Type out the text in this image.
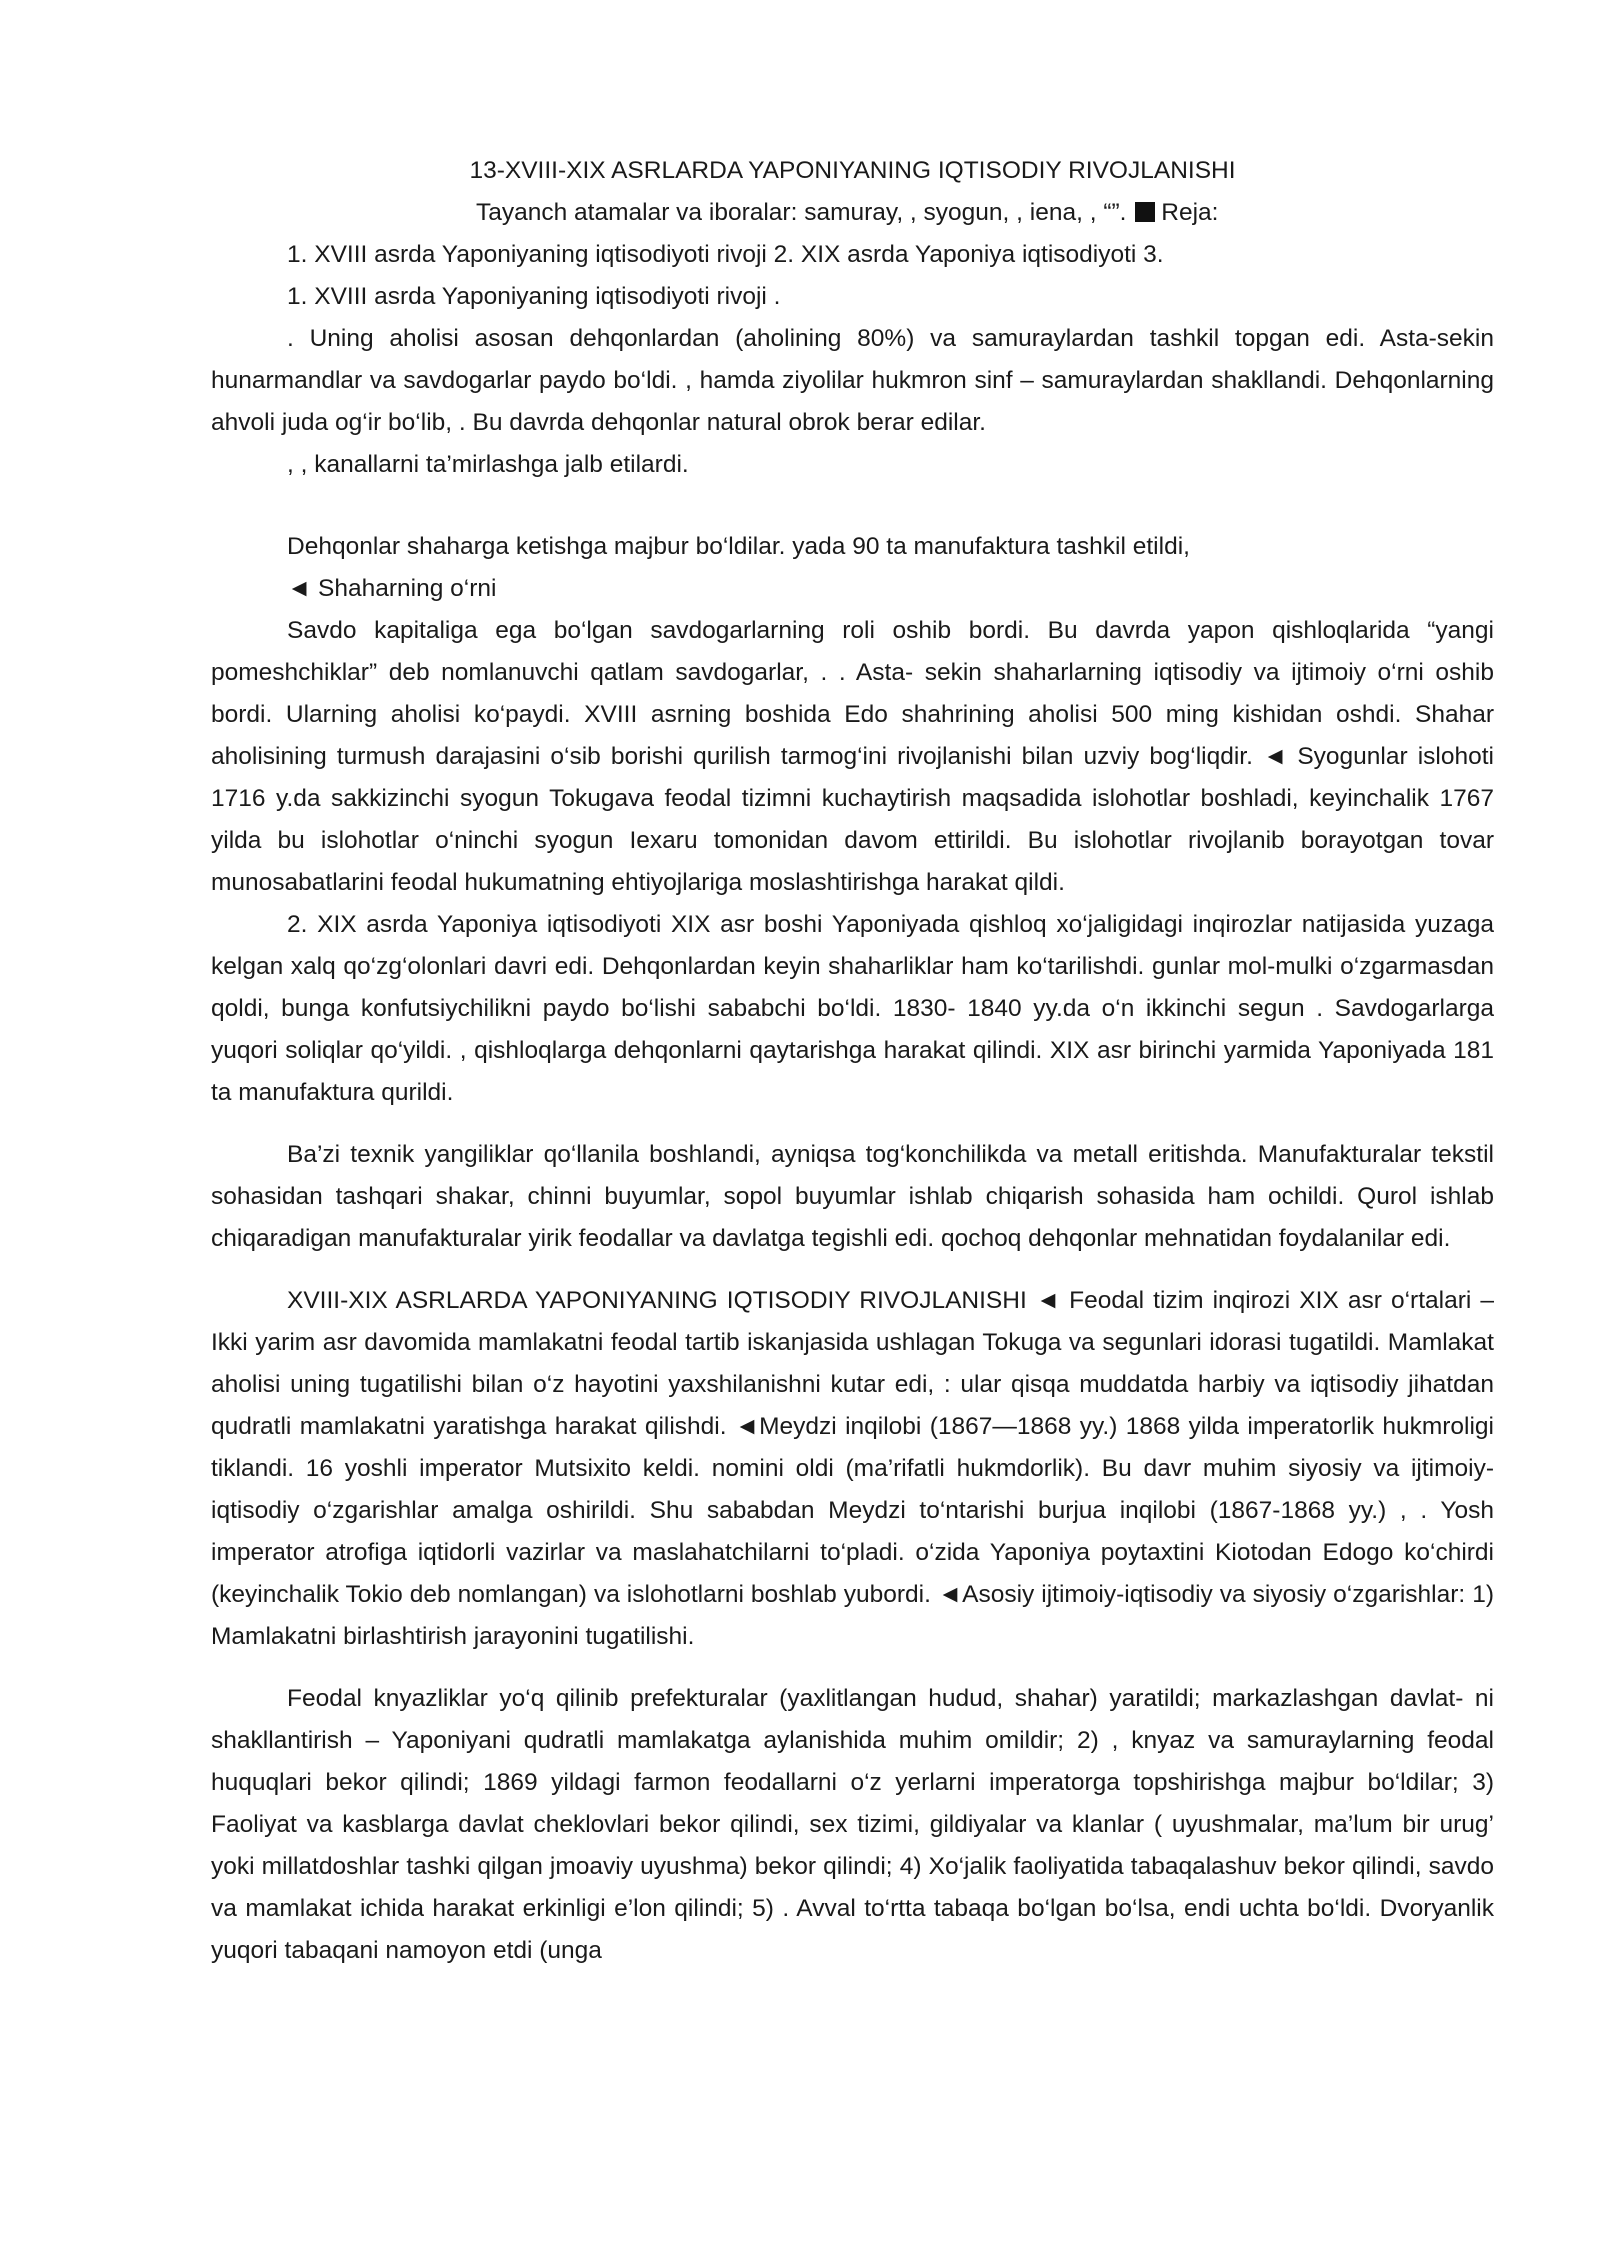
13-XVIII-XIX ASRLARDA YAPONIYANING IQTISODIY RIVOJLANISHI

Tayanch atamalar va iboralar: samuray, , syogun, , iena, , “”. Reja:

1. XVIII asrda Yaponiyaning iqtisodiyoti rivoji 2. XIX asrda Yaponiya iqtisodiyoti 3.

1. XVIII asrda Yaponiyaning iqtisodiyoti rivoji .

. Uning aholisi asosan dehqonlardan (aholining 80%) va samuraylardan tashkil topgan edi. Asta-sekin hunarmandlar va savdogarlar paydo bo‘ldi. , hamda ziyolilar hukmron sinf – samuraylardan shakllandi. Dehqonlarning ahvoli juda og‘ir bo‘lib, . Bu davrda dehqonlar natural obrok berar edilar.

, , kanallarni ta’mirlashga jalb etilardi.

Dehqonlar shaharga ketishga majbur bo‘ldilar. yada 90 ta manufaktura tashkil etildi,

◄ Shaharning o‘rni

Savdo kapitaliga ega bo‘lgan savdogarlarning roli oshib bordi. Bu davrda yapon qishloqlarida “yangi pomeshchiklar” deb nomlanuvchi qatlam savdogarlar, . . Asta- sekin shaharlarning iqtisodiy va ijtimoiy o‘rni oshib bordi. Ularning aholisi ko‘paydi. XVIII asrning boshida Edo shahrining aholisi 500 ming kishidan oshdi. Shahar aholisining turmush darajasini o‘sib borishi qurilish tarmog‘ini rivojlanishi bilan uzviy bog‘liqdir. ◄ Syogunlar islohoti 1716 y.da sakkizinchi syogun Tokugava feodal tizimni kuchaytirish maqsadida islohotlar boshladi, keyinchalik 1767 yilda bu islohotlar o‘ninchi syogun Iexaru tomonidan davom ettirildi. Bu islohotlar rivojlanib borayotgan tovar munosabatlarini feodal hukumatning ehtiyojlariga moslashtirishga harakat qildi.

2. XIX asrda Yaponiya iqtisodiyoti XIX asr boshi Yaponiyada qishloq xo‘jaligidagi inqirozlar natijasida yuzaga kelgan xalq qo‘zg‘olonlari davri edi. Dehqonlardan keyin shaharliklar ham ko‘tarilishdi. gunlar mol-mulki o‘zgarmasdan qoldi, bunga konfutsiychilikni paydo bo‘lishi sababchi bo‘ldi. 1830- 1840 yy.da o‘n ikkinchi segun . Savdogarlarga yuqori soliqlar qo‘yildi. , qishloqlarga dehqonlarni qaytarishga harakat qilindi. XIX asr birinchi yarmida Yaponiyada 181 ta manufaktura qurildi.

Ba’zi texnik yangiliklar qo‘llanila boshlandi, ayniqsa tog‘konchilikda va metall eritishda. Manufakturalar tekstil sohasidan tashqari shakar, chinni buyumlar, sopol buyumlar ishlab chiqarish sohasida ham ochildi. Qurol ishlab chiqaradigan manufakturalar yirik feodallar va davlatga tegishli edi. qochoq dehqonlar mehnatidan foydalanilar edi.

XVIII-XIX ASRLARDA YAPONIYANING IQTISODIY RIVOJLANISHI ◄ Feodal tizim inqirozi XIX asr o‘rtalari – Ikki yarim asr davomida mamlakatni feodal tartib iskanjasida ushlagan Tokuga va segunlari idorasi tugatildi. Mamlakat aholisi uning tugatilishi bilan o‘z hayotini yaxshilanishni kutar edi, : ular qisqa muddatda harbiy va iqtisodiy jihatdan qudratli mamlakatni yaratishga harakat qilishdi. ◄Meydzi inqilobi (1867—1868 yy.) 1868 yilda imperatorlik hukmroligi tiklandi. 16 yoshli imperator Mutsixito keldi. nomini oldi (ma’rifatli hukmdorlik). Bu davr muhim siyosiy va ijtimoiy-iqtisodiy o‘zgarishlar amalga oshirildi. Shu sababdan Meydzi to‘ntarishi burjua inqilobi (1867-1868 yy.) , . Yosh imperator atrofiga iqtidorli vazirlar va maslahatchilarni to‘pladi. o‘zida Yaponiya poytaxtini Kiotodan Edogo ko‘chirdi (keyinchalik Tokio deb nomlangan) va islohotlarni boshlab yubordi. ◄Asosiy ijtimoiy-iqtisodiy va siyosiy o‘zgarishlar: 1) Mamlakatni birlashtirish jarayonini tugatilishi.

Feodal knyazliklar yo‘q qilinib prefekturalar (yaxlitlangan hudud, shahar) yaratildi; markazlashgan davlat- ni shakllantirish – Yaponiyani qudratli mamlakatga aylanishida muhim omildir; 2) , knyaz va samuraylarning feodal huquqlari bekor qilindi; 1869 yildagi farmon feodallarni o‘z yerlarni imperatorga topshirishga majbur bo‘ldilar; 3) Faoliyat va kasblarga davlat cheklovlari bekor qilindi, sex tizimi, gildiyalar va klanlar ( uyushmalar, ma’lum bir urug’ yoki millatdoshlar tashki qilgan jmoaviy uyushma) bekor qilindi; 4) Xo‘jalik faoliyatida tabaqalashuv bekor qilindi, savdo va mamlakat ichida harakat erkinligi e’lon qilindi; 5) . Avval to‘rtta tabaqa bo‘lgan bo‘lsa, endi uchta bo‘ldi. Dvoryanlik yuqori tabaqani namoyon etdi (unga
